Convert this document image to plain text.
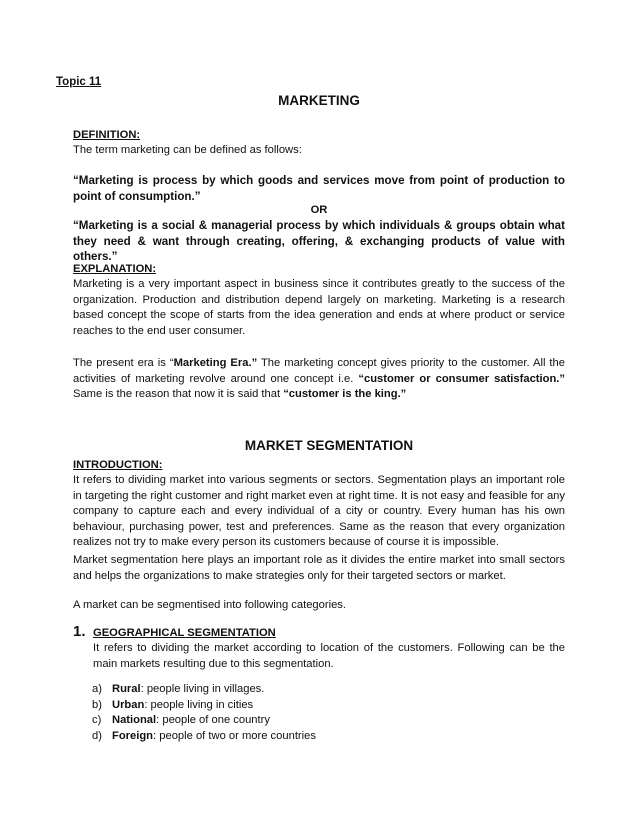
Topic 11
MARKETING
DEFINITION:
The term marketing can be defined as follows:
“Marketing is process by which goods and services move from point of production to point of consumption.”
OR
“Marketing is a social & managerial process by which individuals & groups obtain what they need & want through creating, offering, & exchanging products of value with others.”
EXPLANATION:
Marketing is a very important aspect in business since it contributes greatly to the success of the organization. Production and distribution depend largely on marketing. Marketing is a research based concept the scope of starts from the idea generation and ends at where product or service reaches to the end user consumer.
The present era is “Marketing Era.” The marketing concept gives priority to the customer. All the activities of marketing revolve around one concept i.e. “customer or consumer satisfaction.” Same is the reason that now it is said that “customer is the king.”
MARKET SEGMENTATION
INTRODUCTION:
It refers to dividing market into various segments or sectors. Segmentation plays an important role in targeting the right customer and right market even at right time. It is not easy and feasible for any company to capture each and every individual of a city or country. Every human has his own behaviour, purchasing power, test and preferences. Same as the reason that every organization realizes not try to make every person its customers because of course it is impossible.
Market segmentation here plays an important role as it divides the entire market into small sectors and helps the organizations to make strategies only for their targeted sectors or market.
A market can be segmentised into following categories.
1. GEOGRAPHICAL SEGMENTATION
It refers to dividing the market according to location of the customers. Following can be the main markets resulting due to this segmentation.
a) Rural : people living in villages.
b) Urban : people living in cities
c) National : people of one country
d) Foreign : people of two or more countries
